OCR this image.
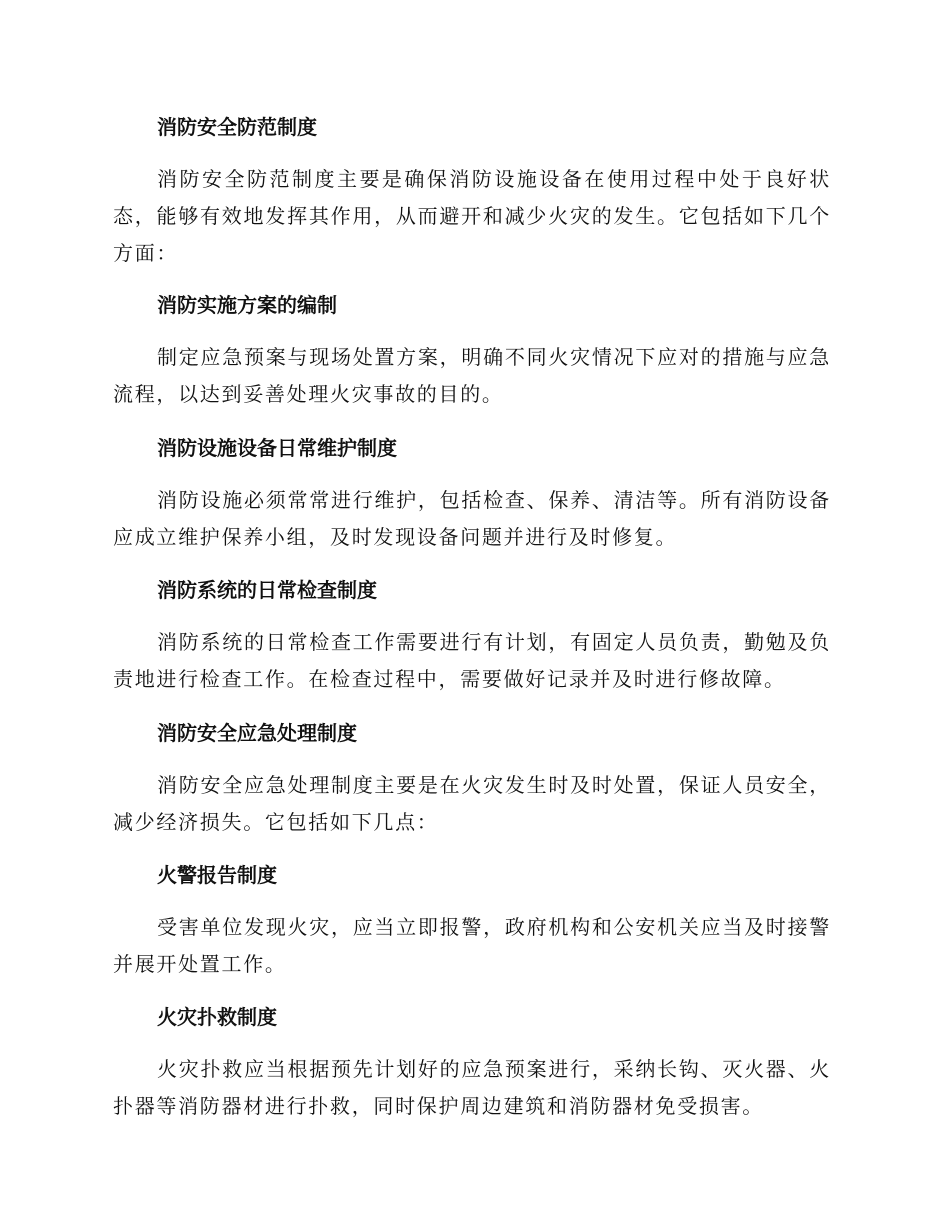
消防安全防范制度

消防安全防范制度主要是确保消防设施设备在使用过程中处于良好状态，能够有效地发挥其作用，从而避开和减少火灾的发生。它包括如下几个方面：

消防实施方案的编制

制定应急预案与现场处置方案，明确不同火灾情况下应对的措施与应急流程，以达到妥善处理火灾事故的目的。

消防设施设备日常维护制度

消防设施必须常常进行维护，包括检查、保养、清洁等。所有消防设备应成立维护保养小组，及时发现设备问题并进行及时修复。

消防系统的日常检查制度

消防系统的日常检查工作需要进行有计划，有固定人员负责，勤勉及负责地进行检查工作。在检查过程中，需要做好记录并及时进行修故障。

消防安全应急处理制度

消防安全应急处理制度主要是在火灾发生时及时处置，保证人员安全，减少经济损失。它包括如下几点：

火警报告制度

受害单位发现火灾，应当立即报警，政府机构和公安机关应当及时接警并展开处置工作。

火灾扑救制度

火灾扑救应当根据预先计划好的应急预案进行，采纳长钩、灭火器、火扑器等消防器材进行扑救，同时保护周边建筑和消防器材免受损害。
